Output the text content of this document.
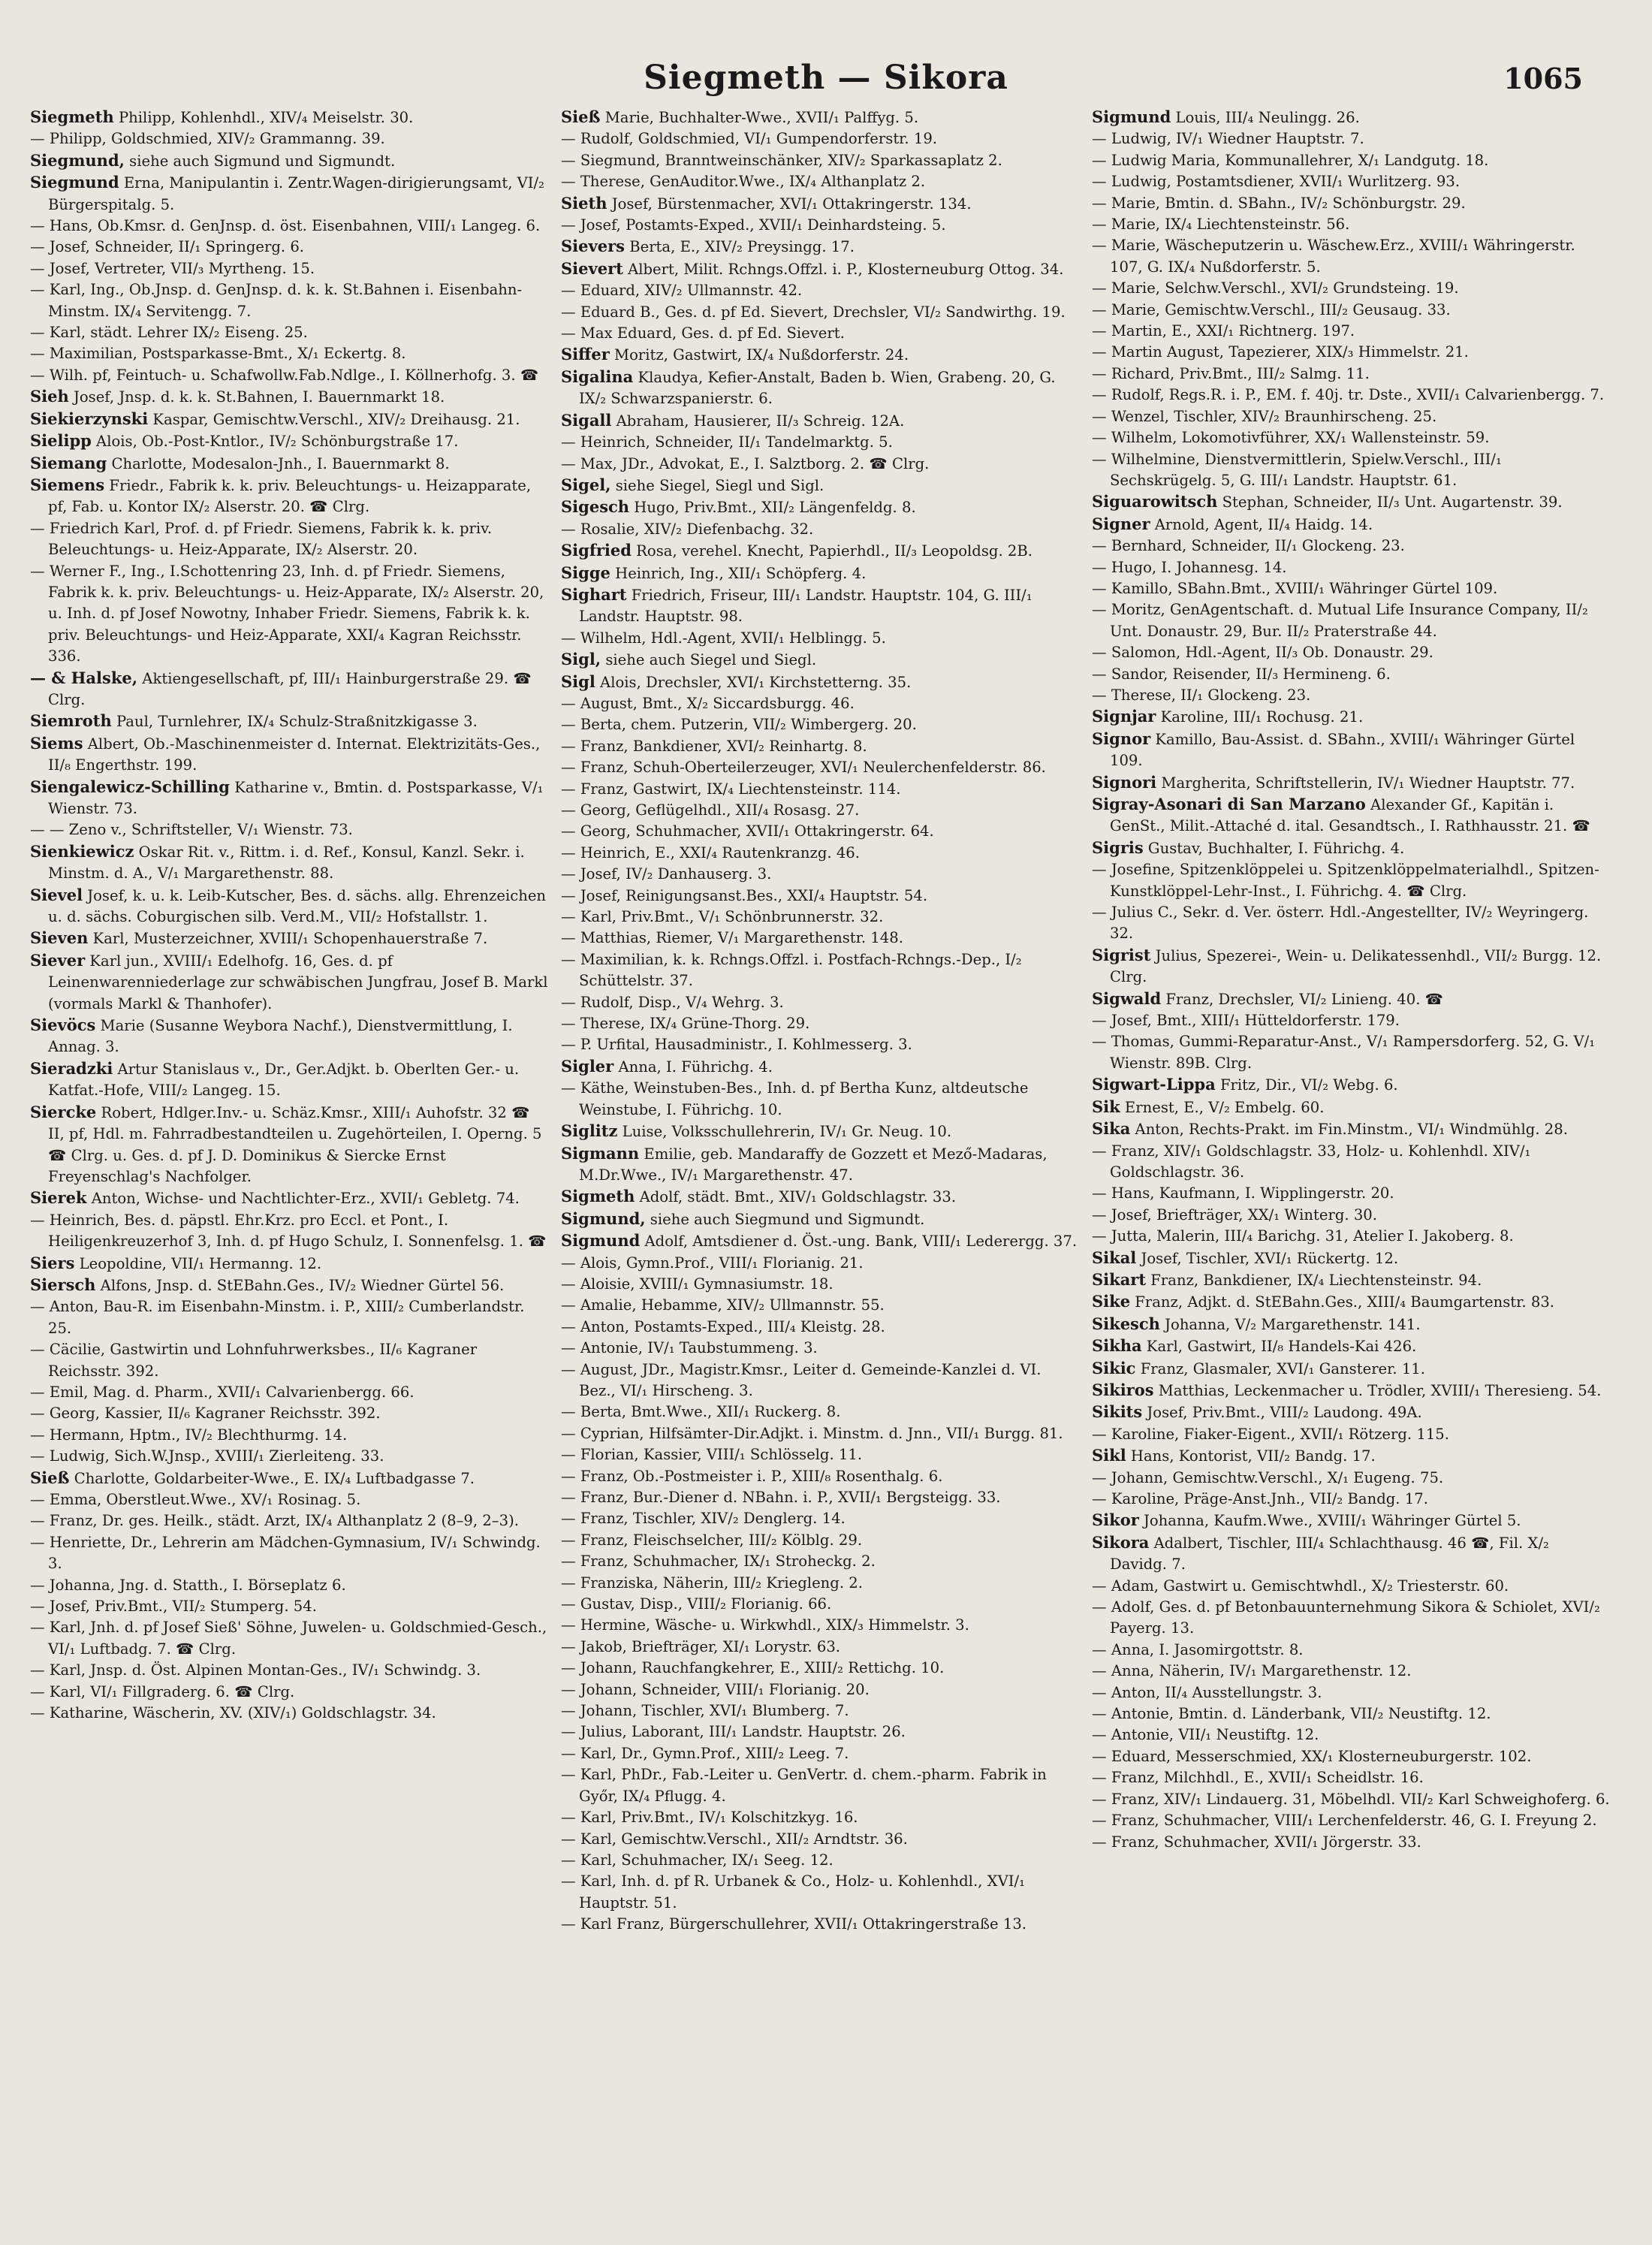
Siegmeth — Sikora	1065

Siegmeth Philipp, Kohlenhdl., XIV/₄ Meiselstr. 30.

— Philipp, Goldschmied, XIV/₂ Grammanng. 39.

Siegmund, siehe auch Sigmund und Sigmundt.

Siegmund Erna, Manipulantin i. Zentr.Wagen-dirigierungsamt, VI/₂ Bürgerspitalg. 5.

— Hans, Ob.Kmsr. d. GenJnsp. d. öst. Eisenbahnen, VIII/₁ Langeg. 6.

— Josef, Schneider, II/₁ Springerg. 6.

— Josef, Vertreter, VII/₃ Myrtheng. 15.

— Karl, Ing., Ob.Jnsp. d. GenJnsp. d. k. k. St.Bahnen i. Eisenbahn-Minstm. IX/₄ Servitengg. 7.

— Karl, städt. Lehrer IX/₂ Eiseng. 25.

— Maximilian, Postsparkasse-Bmt., X/₁ Eckertg. 8.

— Wilh. pf, Feintuch- u. Schafwollw.Fab.Ndlge., I. Köllnerhofg. 3. ☎

Sieh Josef, Jnsp. d. k. k. St.Bahnen, I. Bauernmarkt 18.

Siekierzynski Kaspar, Gemischtw.Verschl., XIV/₂ Dreihausg. 21.

Sielipp Alois, Ob.-Post-Kntlor., IV/₂ Schönburgstraße 17.

Siemang Charlotte, Modesalon-Jnh., I. Bauernmarkt 8.

Siemens Friedr., Fabrik k. k. priv. Beleuchtungs- u. Heizapparate, pf, Fab. u. Kontor IX/₂ Alserstr. 20. ☎ Clrg.

— Friedrich Karl, Prof. d. pf Friedr. Siemens, Fabrik k. k. priv. Beleuchtungs- u. Heiz-Apparate, IX/₂ Alserstr. 20.

— Werner F., Ing., I.Schottenring 23, Inh. d. pf Friedr. Siemens, Fabrik k. k. priv. Beleuchtungs- u. Heiz-Apparate, IX/₂ Alserstr. 20, u. Inh. d. pf Josef Nowotny, Inhaber Friedr. Siemens, Fabrik k. k. priv. Beleuchtungs- und Heiz-Apparate, XXI/₄ Kagran Reichsstr. 336.

— & Halske, Aktiengesellschaft, pf, III/₁ Hainburgerstraße 29. ☎ Clrg.

Siemroth Paul, Turnlehrer, IX/₄ Schulz-Straßnitzkigasse 3.

Siems Albert, Ob.-Maschinenmeister d. Internat. Elektrizitäts-Ges., II/₈ Engerthstr. 199.

Siengalewicz-Schilling Katharine v., Bmtin. d. Postsparkasse, V/₁ Wienstr. 73.

— — Zeno v., Schriftsteller, V/₁ Wienstr. 73.

Sienkiewicz Oskar Rit. v., Rittm. i. d. Ref., Konsul, Kanzl. Sekr. i. Minstm. d. A., V/₁ Margarethenstr. 88.

Sievel Josef, k. u. k. Leib-Kutscher, Bes. d. sächs. allg. Ehrenzeichen u. d. sächs. Coburgischen silb. Verd.M., VII/₂ Hofstallstr. 1.

Sieven Karl, Musterzeichner, XVIII/₁ Schopenhauerstraße 7.

Siever Karl jun., XVIII/₁ Edelhofg. 16, Ges. d. pf Leinenwarenniederlage zur schwäbischen Jungfrau, Josef B. Markl (vormals Markl & Thanhofer).

Sievöcs Marie (Susanne Weybora Nachf.), Dienstvermittlung, I. Annag. 3.

Sieradzki Artur Stanislaus v., Dr., Ger.Adjkt. b. Oberlten Ger.- u. Katfat.-Hofe, VIII/₂ Langeg. 15.

Siercke Robert, Hdlger.Inv.- u. Schäz.Kmsr., XIII/₁ Auhofstr. 32 ☎ II, pf, Hdl. m. Fahrradbestandteilen u. Zugehörteilen, I. Operng. 5 ☎ Clrg. u. Ges. d. pf J. D. Dominikus & Siercke Ernst Freyenschlag's Nachfolger.

Sierek Anton, Wichse- und Nachtlichter-Erz., XVII/₁ Gebletg. 74.

— Heinrich, Bes. d. päpstl. Ehr.Krz. pro Eccl. et Pont., I. Heiligenkreuzerhof 3, Inh. d. pf Hugo Schulz, I. Sonnenfelsg. 1. ☎

Siers Leopoldine, VII/₁ Hermanng. 12.

Siersch Alfons, Jnsp. d. StEBahn.Ges., IV/₂ Wiedner Gürtel 56.

— Anton, Bau-R. im Eisenbahn-Minstm. i. P., XIII/₂ Cumberlandstr. 25.

— Cäcilie, Gastwirtin und Lohnfuhrwerksbes., II/₆ Kagraner Reichsstr. 392.

— Emil, Mag. d. Pharm., XVII/₁ Calvarienbergg. 66.

— Georg, Kassier, II/₆ Kagraner Reichsstr. 392.

— Hermann, Hptm., IV/₂ Blechthurmg. 14.

— Ludwig, Sich.W.Jnsp., XVIII/₁ Zierleiteng. 33.

Sieß Charlotte, Goldarbeiter-Wwe., E. IX/₄ Luftbadgasse 7.

— Emma, Oberstleut.Wwe., XV/₁ Rosinag. 5.

— Franz, Dr. ges. Heilk., städt. Arzt, IX/₄ Althanplatz 2 (8–9, 2–3).

— Henriette, Dr., Lehrerin am Mädchen-Gymnasium, IV/₁ Schwindg. 3.

— Johanna, Jng. d. Statth., I. Börseplatz 6.

— Josef, Priv.Bmt., VII/₂ Stumperg. 54.

— Karl, Jnh. d. pf Josef Sieß' Söhne, Juwelen- u. Goldschmied-Gesch., VI/₁ Luftbadg. 7. ☎ Clrg.

— Karl, Jnsp. d. Öst. Alpinen Montan-Ges., IV/₁ Schwindg. 3.

— Karl, VI/₁ Fillgraderg. 6. ☎ Clrg.

— Katharine, Wäscherin, XV. (XIV/₁) Goldschlagstr. 34.

Sieß Marie, Buchhalter-Wwe., XVII/₁ Palffyg. 5.

— Rudolf, Goldschmied, VI/₁ Gumpendorferstr. 19.

— Siegmund, Branntweinschänker, XIV/₂ Sparkassaplatz 2.

— Therese, GenAuditor.Wwe., IX/₄ Althanplatz 2.

Sieth Josef, Bürstenmacher, XVI/₁ Ottakringerstr. 134.

— Josef, Postamts-Exped., XVII/₁ Deinhardsteing. 5.

Sievers Berta, E., XIV/₂ Preysingg. 17.

Sievert Albert, Milit. Rchngs.Offzl. i. P., Klosterneuburg Ottog. 34.

— Eduard, XIV/₂ Ullmannstr. 42.

— Eduard B., Ges. d. pf Ed. Sievert, Drechsler, VI/₂ Sandwirthg. 19.

— Max Eduard, Ges. d. pf Ed. Sievert.

Siffer Moritz, Gastwirt, IX/₄ Nußdorferstr. 24.

Sigalina Klaudya, Kefier-Anstalt, Baden b. Wien, Grabeng. 20, G. IX/₂ Schwarzspanierstr. 6.

Sigall Abraham, Hausierer, II/₃ Schreig. 12A.

— Heinrich, Schneider, II/₁ Tandelmarktg. 5.

— Max, JDr., Advokat, E., I. Salztborg. 2. ☎ Clrg.

Sigel, siehe Siegel, Siegl und Sigl.

Sigesch Hugo, Priv.Bmt., XII/₂ Längenfeldg. 8.

— Rosalie, XIV/₂ Diefenbachg. 32.

Sigfried Rosa, verehel. Knecht, Papierhdl., II/₃ Leopoldsg. 2B.

Sigge Heinrich, Ing., XII/₁ Schöpferg. 4.

Sighart Friedrich, Friseur, III/₁ Landstr. Hauptstr. 104, G. III/₁ Landstr. Hauptstr. 98.

— Wilhelm, Hdl.-Agent, XVII/₁ Helblingg. 5.

Sigl, siehe auch Siegel und Siegl.

Sigl Alois, Drechsler, XVI/₁ Kirchstetterng. 35.

— August, Bmt., X/₂ Siccardsburgg. 46.

— Berta, chem. Putzerin, VII/₂ Wimbergerg. 20.

— Franz, Bankdiener, XVI/₂ Reinhartg. 8.

— Franz, Schuh-Oberteilerzeuger, XVI/₁ Neulerchenfelderstr. 86.

— Franz, Gastwirt, IX/₄ Liechtensteinstr. 114.

— Georg, Geflügelhdl., XII/₄ Rosasg. 27.

— Georg, Schuhmacher, XVII/₁ Ottakringerstr. 64.

— Heinrich, E., XXI/₄ Rautenkranzg. 46.

— Josef, IV/₂ Danhauserg. 3.

— Josef, Reinigungsanst.Bes., XXI/₄ Hauptstr. 54.

— Karl, Priv.Bmt., V/₁ Schönbrunnerstr. 32.

— Matthias, Riemer, V/₁ Margarethenstr. 148.

— Maximilian, k. k. Rchngs.Offzl. i. Postfach-Rchngs.-Dep., I/₂ Schüttelstr. 37.

— Rudolf, Disp., V/₄ Wehrg. 3.

— Therese, IX/₄ Grüne-Thorg. 29.

— P. Urfital, Hausadministr., I. Kohlmesserg. 3.

Sigler Anna, I. Führichg. 4.

— Käthe, Weinstuben-Bes., Inh. d. pf Bertha Kunz, altdeutsche Weinstube, I. Führichg. 10.

Siglitz Luise, Volksschullehrerin, IV/₁ Gr. Neug. 10.

Sigmann Emilie, geb. Mandaraffy de Gozzett et Mező-Madaras, M.Dr.Wwe., IV/₁ Margarethenstr. 47.

Sigmeth Adolf, städt. Bmt., XIV/₁ Goldschlagstr. 33.

Sigmund, siehe auch Siegmund und Sigmundt.

Sigmund Adolf, Amtsdiener d. Öst.-ung. Bank, VIII/₁ Lederergg. 37.

— Alois, Gymn.Prof., VIII/₁ Florianig. 21.

— Aloisie, XVIII/₁ Gymnasiumstr. 18.

— Amalie, Hebamme, XIV/₂ Ullmannstr. 55.

— Anton, Postamts-Exped., III/₄ Kleistg. 28.

— Antonie, IV/₁ Taubstummeng. 3.

— August, JDr., Magistr.Kmsr., Leiter d. Gemeinde-Kanzlei d. VI. Bez., VI/₁ Hirscheng. 3.

— Berta, Bmt.Wwe., XII/₁ Ruckerg. 8.

— Cyprian, Hilfsämter-Dir.Adjkt. i. Minstm. d. Jnn., VII/₁ Burgg. 81.

— Florian, Kassier, VIII/₁ Schlösselg. 11.

— Franz, Ob.-Postmeister i. P., XIII/₈ Rosenthalg. 6.

— Franz, Bur.-Diener d. NBahn. i. P., XVII/₁ Bergsteigg. 33.

— Franz, Tischler, XIV/₂ Denglerg. 14.

— Franz, Fleischselcher, III/₂ Kölblg. 29.

— Franz, Schuhmacher, IX/₁ Stroheckg. 2.

— Franziska, Näherin, III/₂ Kriegleng. 2.

— Gustav, Disp., VIII/₂ Florianig. 66.

— Hermine, Wäsche- u. Wirkwhdl., XIX/₃ Himmelstr. 3.

— Jakob, Briefträger, XI/₁ Lorystr. 63.

— Johann, Rauchfangkehrer, E., XIII/₂ Rettichg. 10.

— Johann, Schneider, VIII/₁ Florianig. 20.

— Johann, Tischler, XVI/₁ Blumberg. 7.

— Julius, Laborant, III/₁ Landstr. Hauptstr. 26.

— Karl, Dr., Gymn.Prof., XIII/₂ Leeg. 7.

— Karl, PhDr., Fab.-Leiter u. GenVertr. d. chem.-pharm. Fabrik in Győr, IX/₄ Pflugg. 4.

— Karl, Priv.Bmt., IV/₁ Kolschitzkyg. 16.

— Karl, Gemischtw.Verschl., XII/₂ Arndtstr. 36.

— Karl, Schuhmacher, IX/₁ Seeg. 12.

— Karl, Inh. d. pf R. Urbanek & Co., Holz- u. Kohlenhdl., XVI/₁ Hauptstr. 51.

— Karl Franz, Bürgerschullehrer, XVII/₁ Ottakringerstraße 13.

Sigmund Louis, III/₄ Neulingg. 26.

— Ludwig, IV/₁ Wiedner Hauptstr. 7.

— Ludwig Maria, Kommunallehrer, X/₁ Landgutg. 18.

— Ludwig, Postamtsdiener, XVII/₁ Wurlitzerg. 93.

— Marie, Bmtin. d. SBahn., IV/₂ Schönburgstr. 29.

— Marie, IX/₄ Liechtensteinstr. 56.

— Marie, Wäscheputzerin u. Wäschew.Erz., XVIII/₁ Währingerstr. 107, G. IX/₄ Nußdorferstr. 5.

— Marie, Selchw.Verschl., XVI/₂ Grundsteing. 19.

— Marie, Gemischtw.Verschl., III/₂ Geusaug. 33.

— Martin, E., XXI/₁ Richtnerg. 197.

— Martin August, Tapezierer, XIX/₃ Himmelstr. 21.

— Richard, Priv.Bmt., III/₂ Salmg. 11.

— Rudolf, Regs.R. i. P., EM. f. 40j. tr. Dste., XVII/₁ Calvarienbergg. 7.

— Wenzel, Tischler, XIV/₂ Braunhirscheng. 25.

— Wilhelm, Lokomotivführer, XX/₁ Wallensteinstr. 59.

— Wilhelmine, Dienstvermittlerin, Spielw.Verschl., III/₁ Sechskrügelg. 5, G. III/₁ Landstr. Hauptstr. 61.

Siguarowitsch Stephan, Schneider, II/₃ Unt. Augartenstr. 39.

Signer Arnold, Agent, II/₄ Haidg. 14.

— Bernhard, Schneider, II/₁ Glockeng. 23.

— Hugo, I. Johannesg. 14.

— Kamillo, SBahn.Bmt., XVIII/₁ Währinger Gürtel 109.

— Moritz, GenAgentschaft. d. Mutual Life Insurance Company, II/₂ Unt. Donaustr. 29, Bur. II/₂ Praterstraße 44.

— Salomon, Hdl.-Agent, II/₃ Ob. Donaustr. 29.

— Sandor, Reisender, II/₃ Hermineng. 6.

— Therese, II/₁ Glockeng. 23.

Signjar Karoline, III/₁ Rochusg. 21.

Signor Kamillo, Bau-Assist. d. SBahn., XVIII/₁ Währinger Gürtel 109.

Signori Margherita, Schriftstellerin, IV/₁ Wiedner Hauptstr. 77.

Sigray-Asonari di San Marzano Alexander Gf., Kapitän i. GenSt., Milit.-Attaché d. ital. Gesandtsch., I. Rathhausstr. 21. ☎

Sigris Gustav, Buchhalter, I. Führichg. 4.

— Josefine, Spitzenklöppelei u. Spitzenklöppelmaterialhdl., Spitzen-Kunstklöppel-Lehr-Inst., I. Führichg. 4. ☎ Clrg.

— Julius C., Sekr. d. Ver. österr. Hdl.-Angestellter, IV/₂ Weyringerg. 32.

Sigrist Julius, Spezerei-, Wein- u. Delikatessenhdl., VII/₂ Burgg. 12. Clrg.

Sigwald Franz, Drechsler, VI/₂ Linieng. 40. ☎

— Josef, Bmt., XIII/₁ Hütteldorferstr. 179.

— Thomas, Gummi-Reparatur-Anst., V/₁ Rampersdorferg. 52, G. V/₁ Wienstr. 89B. Clrg.

Sigwart-Lippa Fritz, Dir., VI/₂ Webg. 6.

Sik Ernest, E., V/₂ Embelg. 60.

Sika Anton, Rechts-Prakt. im Fin.Minstm., VI/₁ Windmühlg. 28.

— Franz, XIV/₁ Goldschlagstr. 33, Holz- u. Kohlenhdl. XIV/₁ Goldschlagstr. 36.

— Hans, Kaufmann, I. Wipplingerstr. 20.

— Josef, Briefträger, XX/₁ Winterg. 30.

— Jutta, Malerin, III/₄ Barichg. 31, Atelier I. Jakoberg. 8.

Sikal Josef, Tischler, XVI/₁ Rückertg. 12.

Sikart Franz, Bankdiener, IX/₄ Liechtensteinstr. 94.

Sike Franz, Adjkt. d. StEBahn.Ges., XIII/₄ Baumgartenstr. 83.

Sikesch Johanna, V/₂ Margarethenstr. 141.

Sikha Karl, Gastwirt, II/₈ Handels-Kai 426.

Sikic Franz, Glasmaler, XVI/₁ Gansterer. 11.

Sikiros Matthias, Leckenmacher u. Trödler, XVIII/₁ Theresieng. 54.

Sikits Josef, Priv.Bmt., VIII/₂ Laudong. 49A.

— Karoline, Fiaker-Eigent., XVII/₁ Rötzerg. 115.

Sikl Hans, Kontorist, VII/₂ Bandg. 17.

— Johann, Gemischtw.Verschl., X/₁ Eugeng. 75.

— Karoline, Präge-Anst.Jnh., VII/₂ Bandg. 17.

Sikor Johanna, Kaufm.Wwe., XVIII/₁ Währinger Gürtel 5.

Sikora Adalbert, Tischler, III/₄ Schlachthausg. 46 ☎, Fil. X/₂ Davidg. 7.

— Adam, Gastwirt u. Gemischtwhdl., X/₂ Triesterstr. 60.

— Adolf, Ges. d. pf Betonbauunternehmung Sikora & Schiolet, XVI/₂ Payerg. 13.

— Anna, I. Jasomirgottstr. 8.

— Anna, Näherin, IV/₁ Margarethenstr. 12.

— Anton, II/₄ Ausstellungstr. 3.

— Antonie, Bmtin. d. Länderbank, VII/₂ Neustiftg. 12.

— Antonie, VII/₁ Neustiftg. 12.

— Eduard, Messerschmied, XX/₁ Klosterneuburgerstr. 102.

— Franz, Milchhdl., E., XVII/₁ Scheidlstr. 16.

— Franz, XIV/₁ Lindauerg. 31, Möbelhdl. VII/₂ Karl Schweighoferg. 6.

— Franz, Schuhmacher, VIII/₁ Lerchenfelderstr. 46, G. I. Freyung 2.

— Franz, Schuhmacher, XVII/₁ Jörgerstr. 33.
